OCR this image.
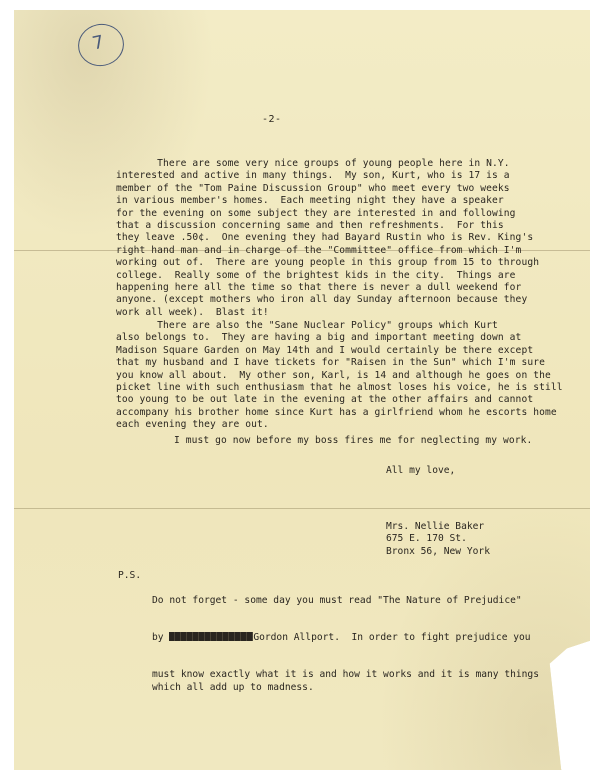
7
-2-

There are some very nice groups of young people here in N.Y.
interested and active in many things.  My son, Kurt, who is 17 is a
member of the "Tom Paine Discussion Group" who meet every two weeks
in various member's homes.  Each meeting night they have a speaker
for the evening on some subject they are interested in and following
that a discussion concerning same and then refreshments.  For this
they leave .50¢.  One evening they had Bayard Rustin who is Rev. King's
right hand man and in charge of the "Committee" office from which I'm
working out of.  There are young people in this group from 15 to through
college.  Really some of the brightest kids in the city.  Things are
happening here all the time so that there is never a dull weekend for
anyone. (except mothers who iron all day Sunday afternoon because they
work all week).  Blast it!

There are also the "Sane Nuclear Policy" groups which Kurt
also belongs to.  They are having a big and important meeting down at
Madison Square Garden on May 14th and I would certainly be there except
that my husband and I have tickets for "Raisen in the Sun" which I'm sure
you know all about.  My other son, Karl, is 14 and although he goes on the
picket line with such enthusiasm that he almost loses his voice, he is still
too young to be out late in the evening at the other affairs and cannot
accompany his brother home since Kurt has a girlfriend whom he escorts home
each evening they are out.

I must go now before my boss fires me for neglecting my work.

All my love,

Mrs. Nellie Baker
675 E. 170 St.
Bronx 56, New York

P.S.

Do not forget - some day you must read "The Nature of Prejudice"

by	Gordon Allport.  In order to fight prejudice you

must know exactly what it is and how it works and it is many things
which all add up to madness.
